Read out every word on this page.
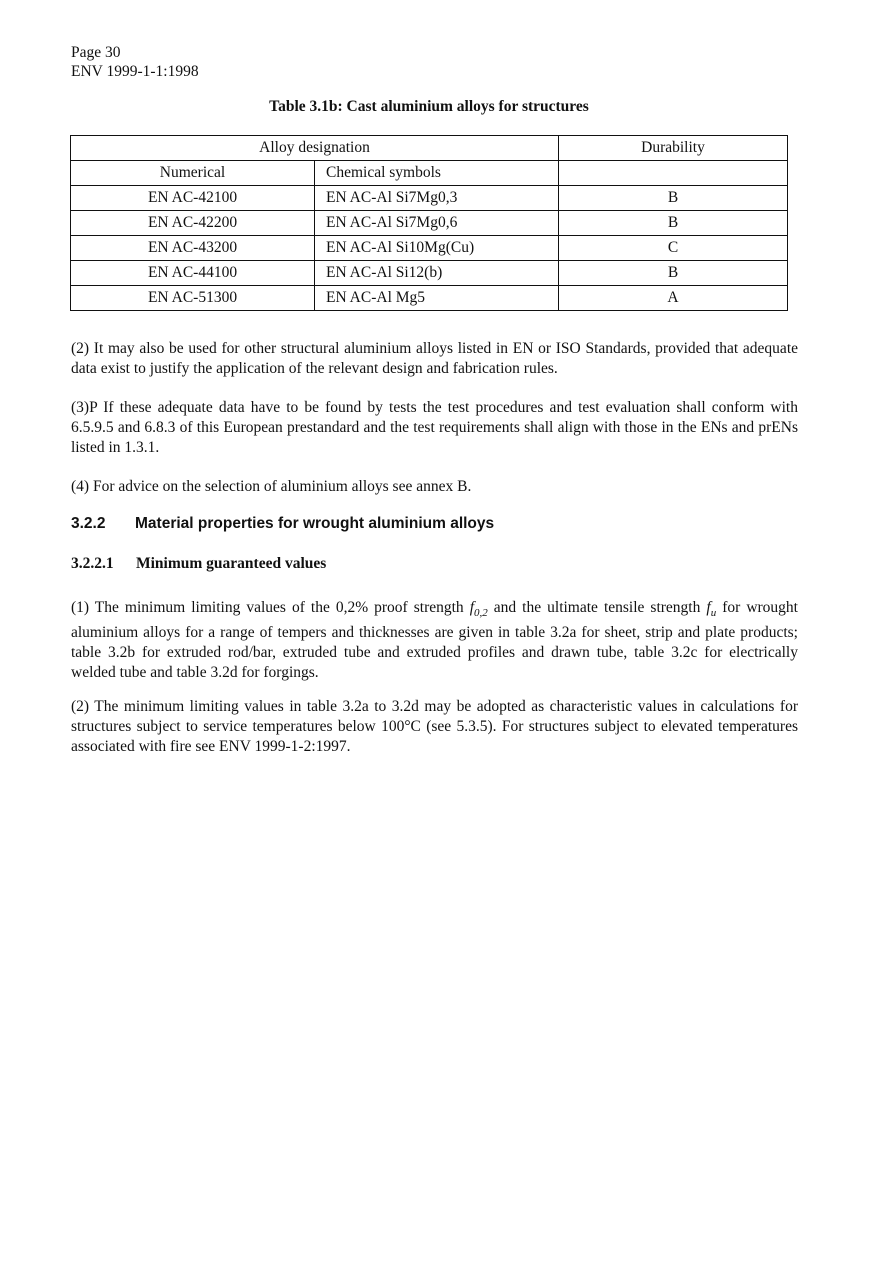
Page 30
ENV 1999-1-1:1998
Table 3.1b: Cast aluminium alloys for structures
Alloy designation		Durability
Numerical	Chemical symbols	
EN AC-42100	EN AC-Al Si7Mg0,3	B
EN AC-42200	EN AC-Al Si7Mg0,6	B
EN AC-43200	EN AC-Al Si10Mg(Cu)	C
EN AC-44100	EN AC-Al Si12(b)	B
EN AC-51300	EN AC-Al Mg5	A

(2) It may also be used for other structural aluminium alloys listed in EN or ISO Standards, provided that adequate data exist to justify the application of the relevant design and fabrication rules.

(3)P If these adequate data have to be found by tests the test procedures and test evaluation shall conform with 6.5.9.5 and 6.8.3 of this European prestandard and the test requirements shall align with those in the ENs and prENs listed in 1.3.1.

(4) For advice on the selection of aluminium alloys see annex B.

3.2.2 Material properties for wrought aluminium alloys
3.2.2.1 Minimum guaranteed values

(1) The minimum limiting values of the 0,2% proof strength $f_{0,2}$ and the ultimate tensile strength $f_u$ for wrought aluminium alloys for a range of tempers and thicknesses are given in table 3.2a for sheet, strip and plate products; table 3.2b for extruded rod/bar, extruded tube and extruded profiles and drawn tube, table 3.2c for electrically welded tube and table 3.2d for forgings.

(2) The minimum limiting values in table 3.2a to 3.2d may be adopted as characteristic values in calculations for structures subject to service temperatures below 100°C (see 5.3.5). For structures subject to elevated temperatures associated with fire see ENV 1999-1-2:1997.
